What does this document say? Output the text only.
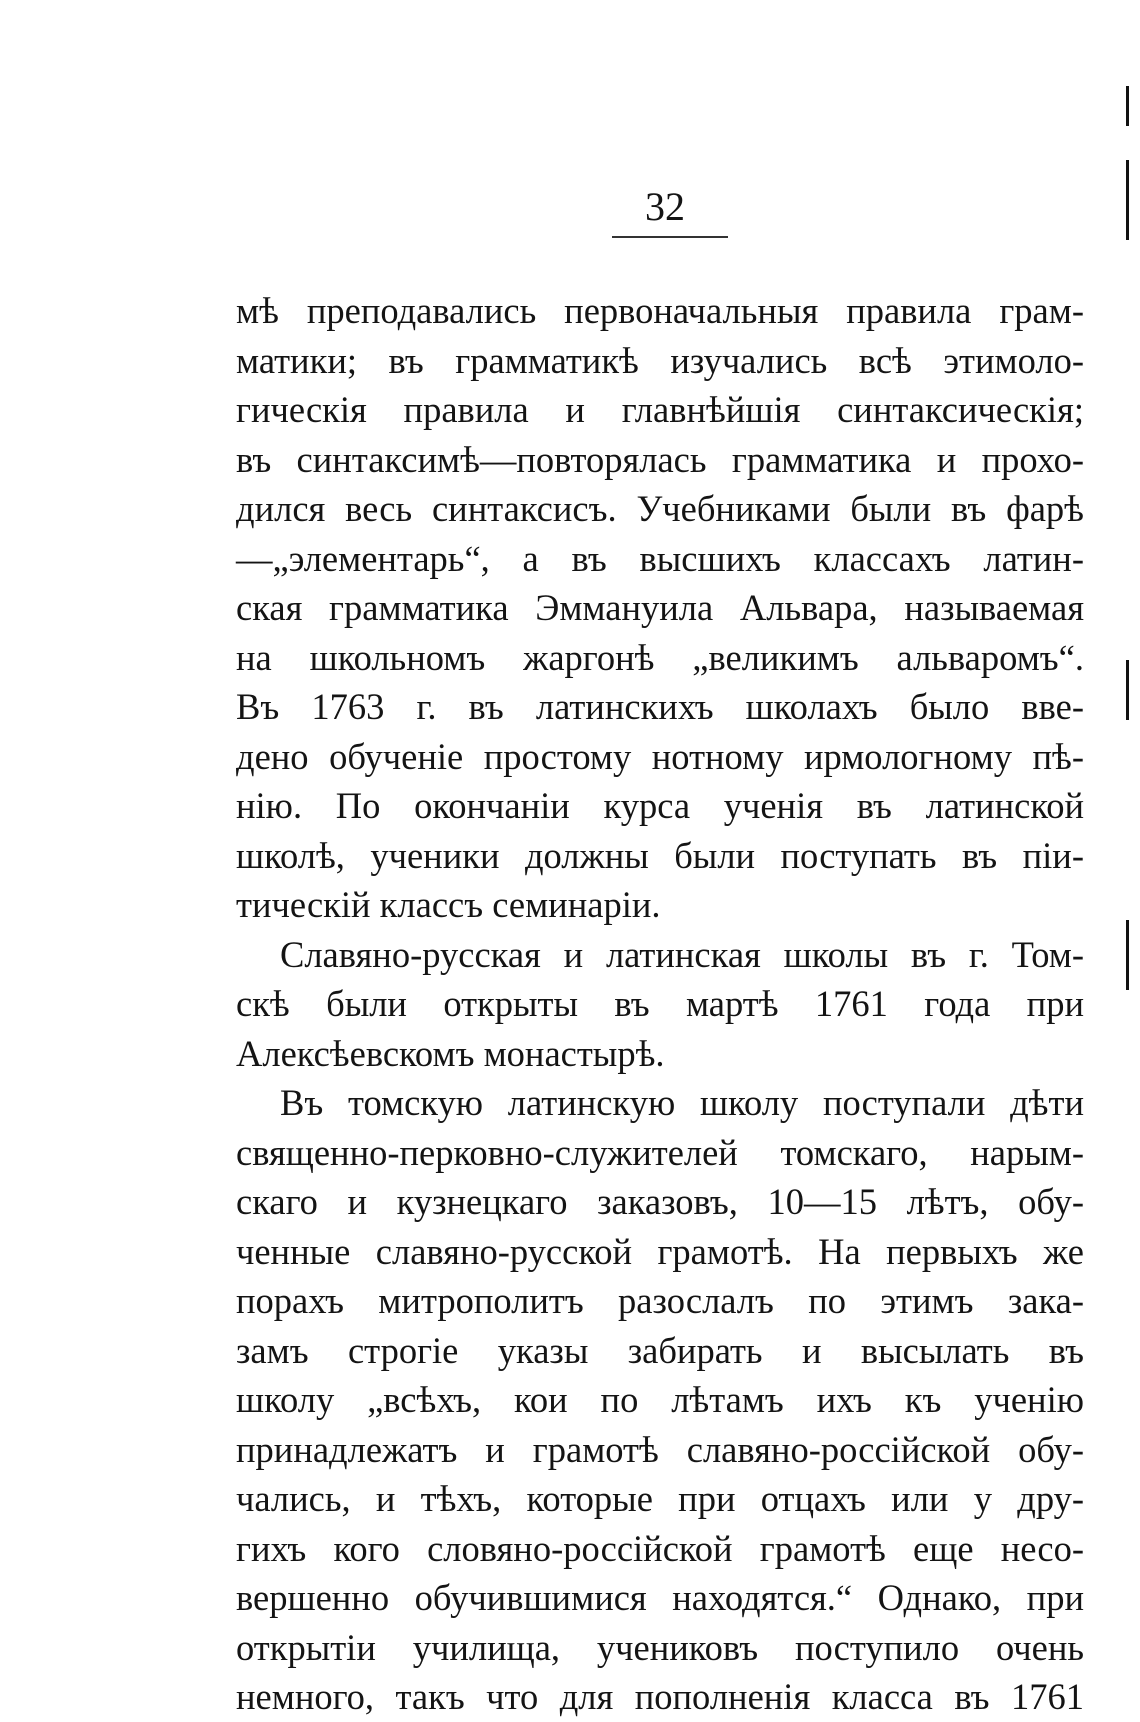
32
мѣ преподавались первоначальныя правила грам-
матики; въ грамматикѣ изучались всѣ этимоло-
гическія правила и главнѣйшія синтаксическія;
въ синтаксимѣ—повторялась грамматика и прохо-
дился весь синтаксисъ. Учебниками были въ фарѣ
—„элементарь“, а въ высшихъ классахъ латин-
ская грамматика Эммануила Альвара, называемая
на школьномъ жаргонѣ „великимъ альваромъ“.
Въ 1763 г. въ латинскихъ школахъ было вве-
дено обученіе простому нотному ирмологному пѣ-
нію. По окончаніи курса ученія въ латинской
школѣ, ученики должны были поступать въ піи-
тическій классъ семинаріи.
Славяно-русская и латинская школы въ г. Том-
скѣ были открыты въ мартѣ 1761 года при
Алексѣевскомъ монастырѣ.
Въ томскую латинскую школу поступали дѣти
священно-перковно-служителей томскаго, нарым-
скаго и кузнецкаго заказовъ, 10—15 лѣтъ, обу-
ченные славяно-русской грамотѣ. На первыхъ же
порахъ митрополитъ разослалъ по этимъ зака-
замъ строгіе указы забирать и высылать въ
школу „всѣхъ, кои по лѣтамъ ихъ къ ученію
принадлежатъ и грамотѣ славяно-россійской обу-
чались, и тѣхъ, которые при отцахъ или у дру-
гихъ кого словяно-россійской грамотѣ еще несо-
вершенно обучившимися находятся.“ Однако, при
открытіи училища, учениковъ поступило очень
немного, такъ что для пополненія класса въ 1761
